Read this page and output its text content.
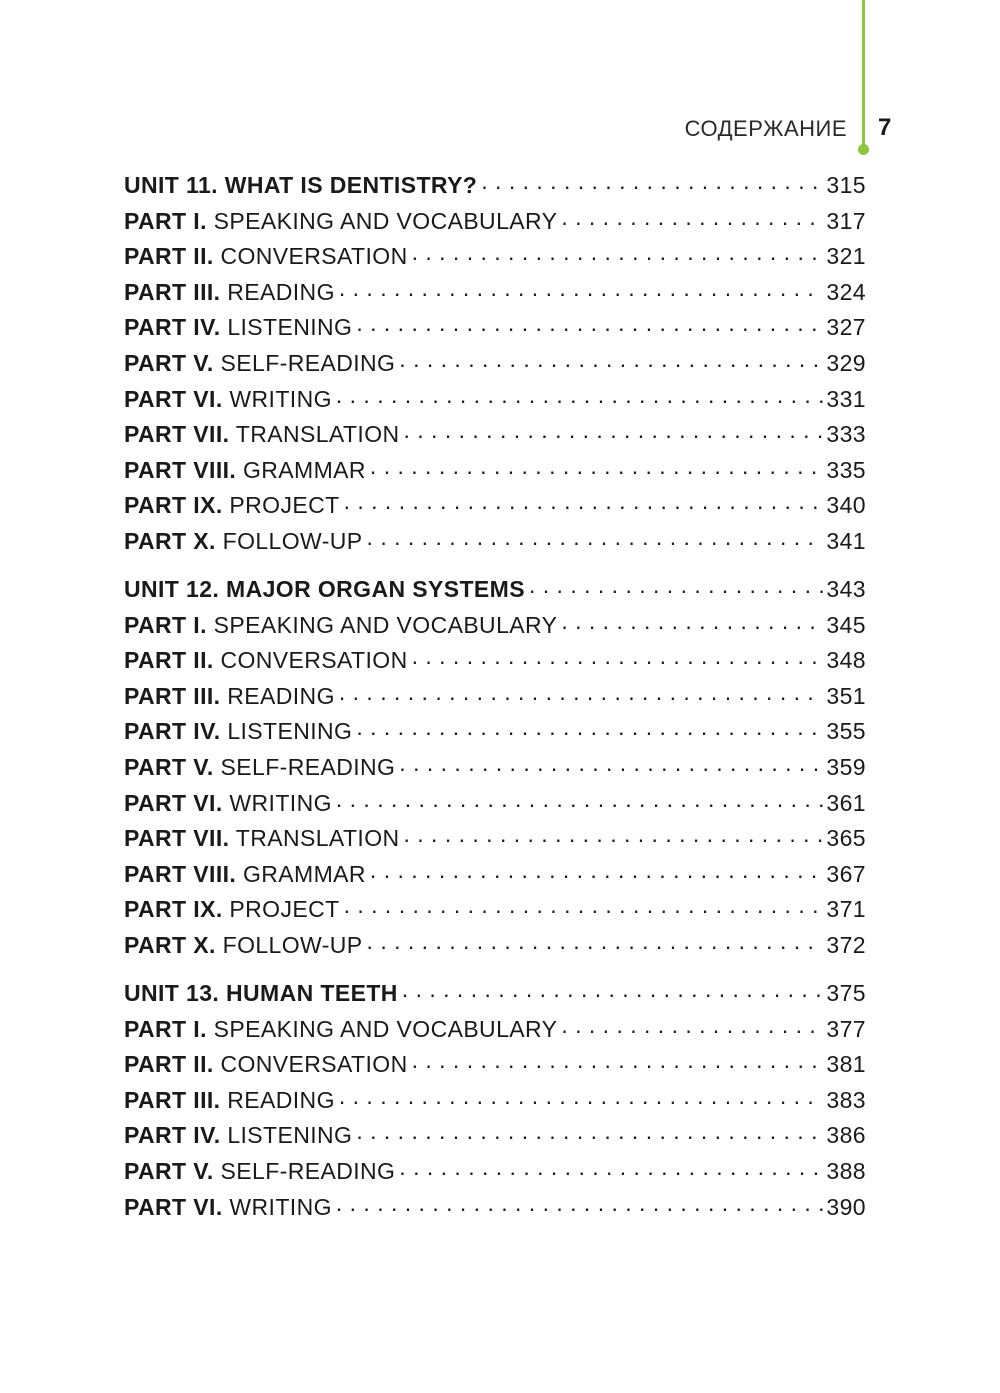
СОДЕРЖАНИЕ 7
UNIT 11. WHAT IS DENTISTRY? . . .	315
PART I. SPEAKING AND VOCABULARY . . .	317
PART II. CONVERSATION . . .	321
PART III. READING . . .	324
PART IV. LISTENING . . .	327
PART V. SELF-READING . . .	329
PART VI. WRITING . . .	331
PART VII. TRANSLATION . . .	333
PART VIII. GRAMMAR . . .	335
PART IX. PROJECT . . .	340
PART X. FOLLOW-UP . . .	341
UNIT 12. MAJOR ORGAN SYSTEMS . . .	343
PART I. SPEAKING AND VOCABULARY . . .	345
PART II. CONVERSATION . . .	348
PART III. READING . . .	351
PART IV. LISTENING . . .	355
PART V. SELF-READING . . .	359
PART VI. WRITING . . .	361
PART VII. TRANSLATION . . .	365
PART VIII. GRAMMAR . . .	367
PART IX. PROJECT . . .	371
PART X. FOLLOW-UP . . .	372
UNIT 13. HUMAN TEETH . . .	375
PART I. SPEAKING AND VOCABULARY . . .	377
PART II. CONVERSATION . . .	381
PART III. READING . . .	383
PART IV. LISTENING . . .	386
PART V. SELF-READING . . .	388
PART VI. WRITING . . .	390
